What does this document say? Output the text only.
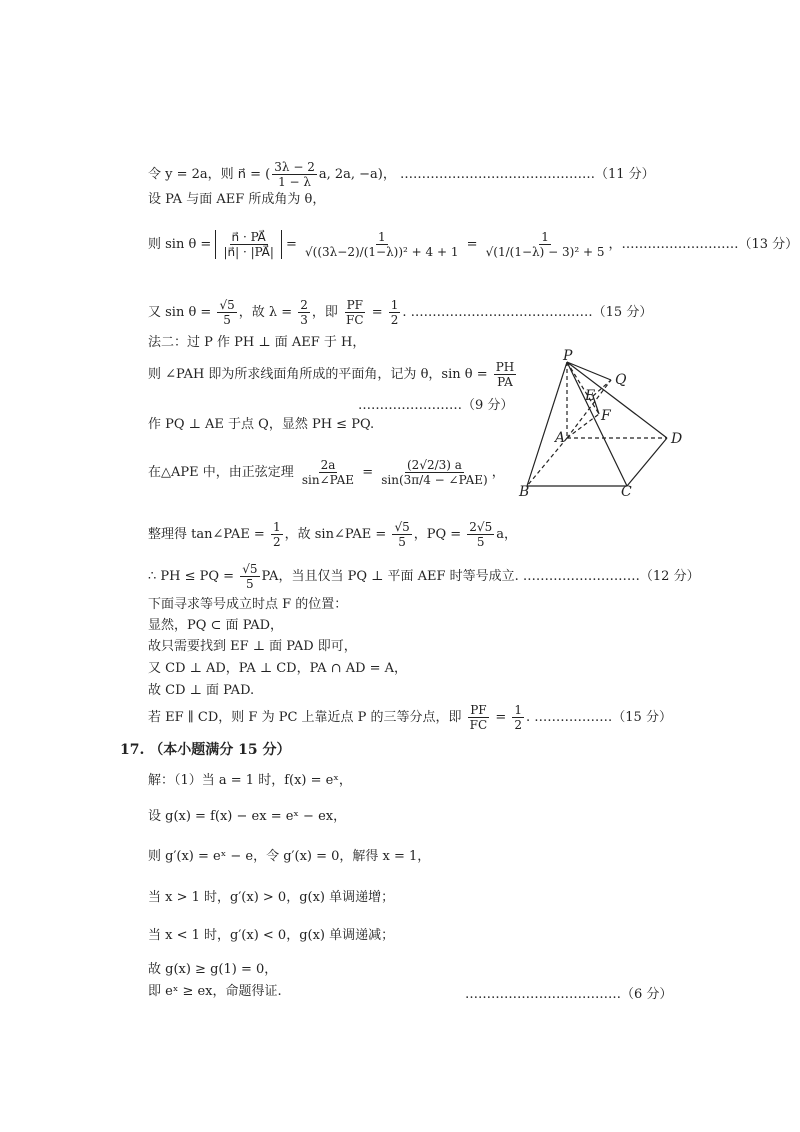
令 y = 2a，则 n⃗ = ( $\frac{3\lambda - 2}{1 - \lambda} a$, 2a, −a)， ………………………………………（11 分）
设 PA 与面 AEF 所成角为 θ，
则 $\sin \theta = \frac{n⃗ \cdot PA⃗}{|n⃗| \cdot |PA⃗|} = \frac{1}{\text{√((3λ−2)/(1−λ))² + 4 + 1}} = \frac{1}{\text{√(1/(1−λ) − 3)² + 5}}$ ，………………………（13 分）
又 $\sin \theta = \frac{√5}{5}$ ，故 $\lambda = \frac{2}{3}$ ，即 $\frac{PF}{FC} = \frac{1}{2}$ . ……………………………………（15 分）
法二：过 P 作 PH ⊥ 面 AEF 于 H，
则 ∠PAH 即为所求线面角所成的平面角，记为 θ，$\sin \theta = \frac{PH}{PA}$
……………………（9 分）
作 PQ ⊥ AE 于点 Q，显然 PH ≤ PQ.
在△APE 中，由正弦定理 $\frac{2a}{\text{sin∠PAE}} = \frac{(2√2/3) a}{\text{sin(3π/4 − ∠PAE)}}$ ，
整理得 tan∠PAE = $\frac{1}{2}$ ，故 sin∠PAE = $\frac{√5}{5}$ ，PQ = $\frac{2√5}{5}$ a，
∴ PH ≤ PQ = $\frac{√5}{5}$ PA，当且仅当 PQ ⊥ 平面 AEF 时等号成立. ………………………（12 分）
下面寻求等号成立时点 F 的位置：
显然，PQ ⊂ 面 PAD，
故只需要找到 EF ⊥ 面 PAD 即可，
又 CD ⊥ AD，PA ⊥ CD，PA ∩ AD = A，
故 CD ⊥ 面 PAD.
若 EF ∥ CD，则 F 为 PC 上靠近点 P 的三等分点，即 $\frac{PF}{FC} = \frac{1}{2}$ . ………………（15 分）
17. （本小题满分 15 分）
解：（1）当 a = 1 时，f(x) = eˣ，
设 g(x) = f(x) − ex = eˣ − ex，
则 g′(x) = eˣ − e，令 g′(x) = 0，解得 x = 1，
当 x > 1 时，g′(x) > 0，g(x) 单调递增；
当 x < 1 时，g′(x) < 0，g(x) 单调递减；
故 g(x) ≥ g(1) = 0，
即 eˣ ≥ ex，命题得证.	………………………………（6 分）
P
Q
E
F
A	D
B	C
